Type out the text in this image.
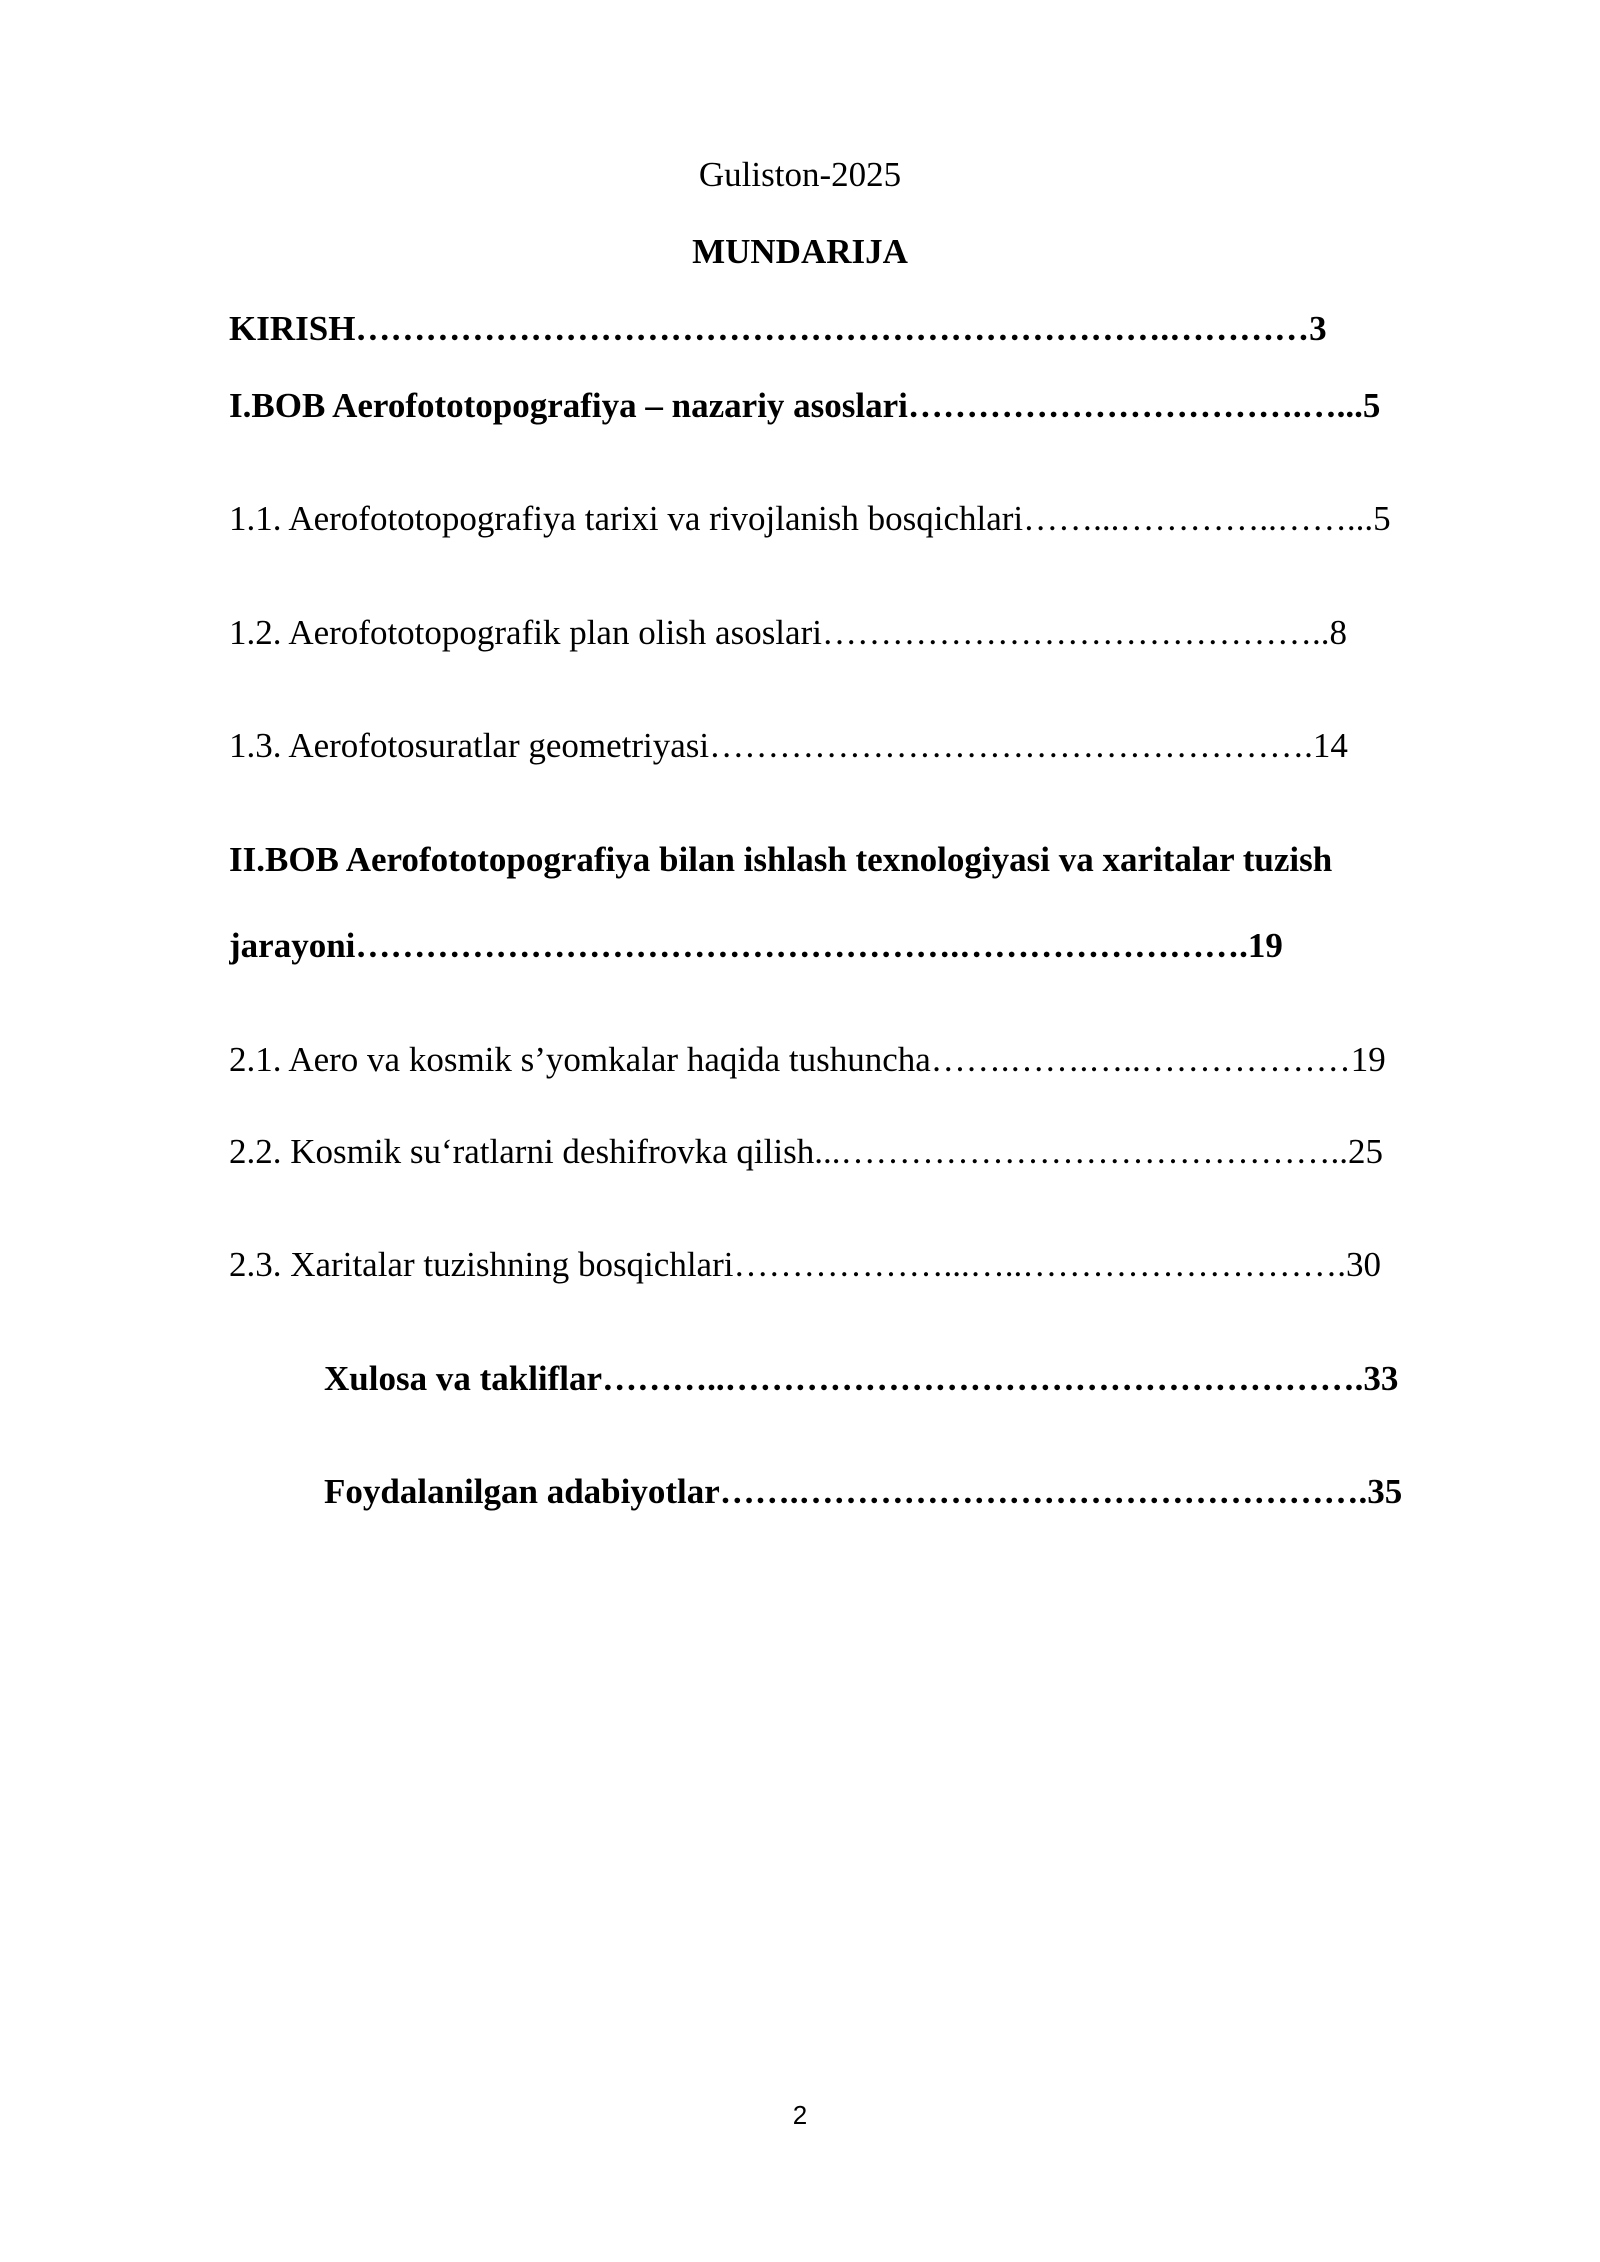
Guliston-2025
MUNDARIJA
KIRISH…………………………………………………………….…………3
I.BOB Aerofototopografiya – nazariy asoslari…………………………….…...5
1.1. Aerofototopografiya tarixi va rivojlanish bosqichlari……...…………..……...5
1.2. Aerofototopografik plan olish asoslari……………………………………..8
1.3. Aerofotosuratlar geometriyasi…………………………………………….14
II.BOB Aerofototopografiya bilan ishlash texnologiyasi va xaritalar tuzish
jarayoni…………………………………………….…………………….19
2.1. Aero va kosmik s’yomkalar haqida tushuncha…….…….…..………………19
2.2. Kosmik su‘ratlarni deshifrovka qilish...……………………………………..25
2.3. Xaritalar tuzishning bosqichlari………………...…..……………………….30
Xulosa va takliflar………..……………………………………………….33
Foydalanilgan adabiyotlar…….………………………………………….35
2
